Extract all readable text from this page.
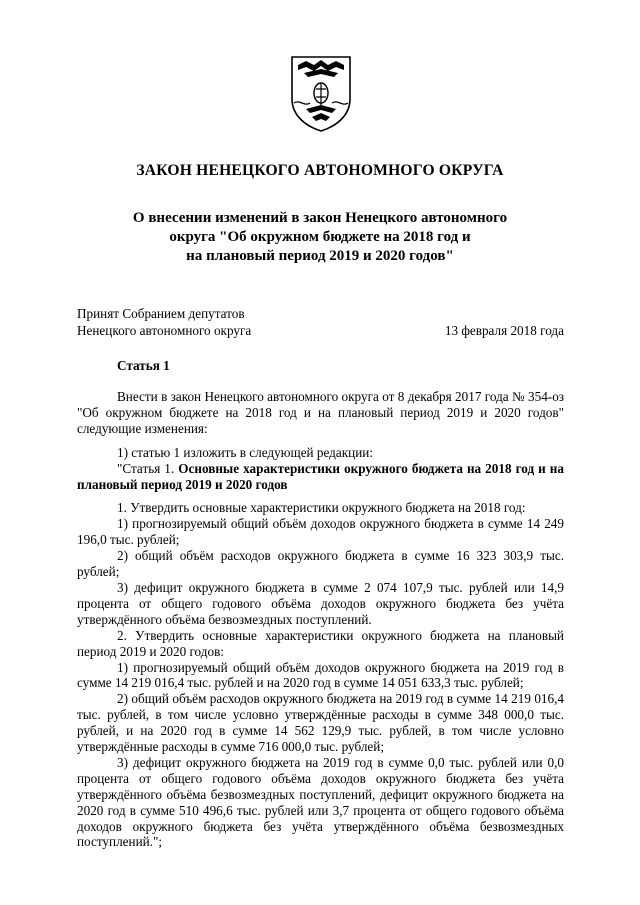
ЗАКОН НЕНЕЦКОГО АВТОНОМНОГО ОКРУГА
О внесении изменений в закон Ненецкого автономного
округа "Об окружном бюджете на 2018 год и
на плановый период 2019 и 2020 годов"
Принят Собранием депутатов
Ненецкого автономного округа	13 февраля 2018 года
Статья 1

Внести в закон Ненецкого автономного округа от 8 декабря 2017 года № 354-оз "Об окружном бюджете на 2018 год и на плановый период 2019 и 2020 годов" следующие изменения:

1) статью 1 изложить в следующей редакции:

"Статья 1. Основные характеристики окружного бюджета на 2018 год и на плановый период 2019 и 2020 годов

1. Утвердить основные характеристики окружного бюджета на 2018 год:

1) прогнозируемый общий объём доходов окружного бюджета в сумме 14 249 196,0 тыс. рублей;

2) общий объём расходов окружного бюджета в сумме 16 323 303,9 тыс. рублей;

3) дефицит окружного бюджета в сумме 2 074 107,9 тыс. рублей или 14,9 процента от общего годового объёма доходов окружного бюджета без учёта утверждённого объёма безвозмездных поступлений.

2. Утвердить основные характеристики окружного бюджета на плановый период 2019 и 2020 годов:

1) прогнозируемый общий объём доходов окружного бюджета на 2019 год в сумме 14 219 016,4 тыс. рублей и на 2020 год в сумме 14 051 633,3 тыс. рублей;

2) общий объём расходов окружного бюджета на 2019 год в сумме 14 219 016,4 тыс. рублей, в том числе условно утверждённые расходы в сумме 348 000,0 тыс. рублей, и на 2020 год в сумме 14 562 129,9 тыс. рублей, в том числе условно утверждённые расходы в сумме 716 000,0 тыс. рублей;

3) дефицит окружного бюджета на 2019 год в сумме 0,0 тыс. рублей или 0,0 процента от общего годового объёма доходов окружного бюджета без учёта утверждённого объёма безвозмездных поступлений, дефицит окружного бюджета на 2020 год в сумме 510 496,6 тыс. рублей или 3,7 процента от общего годового объёма доходов окружного бюджета без учёта утверждённого объёма безвозмездных поступлений.";
